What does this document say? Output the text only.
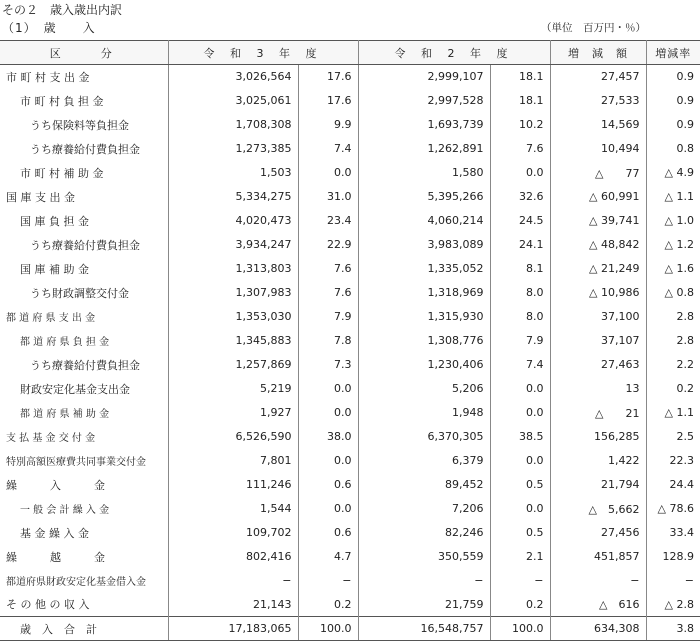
その２　歳入歳出内訳
（1）　歳　　入	（単位　百万円・％）
区　　分	令 和 3 年 度		令 和 2 年 度		増　減　額	増減率
市 町 村 支 出 金	3,026,564	17.6	2,999,107	18.1	27,457	0.9
市 町 村 負 担 金	3,025,061	17.6	2,997,528	18.1	27,533	0.9
うち保険料等負担金	1,708,308	9.9	1,693,739	10.2	14,569	0.9
うち療養給付費負担金	1,273,385	7.4	1,262,891	7.6	10,494	0.8
市 町 村 補 助 金	1,503	0.0	1,580	0.0	△　　77	△ 4.9
国 庫 支 出 金	5,334,275	31.0	5,395,266	32.6	△ 60,991	△ 1.1
国 庫 負 担 金	4,020,473	23.4	4,060,214	24.5	△ 39,741	△ 1.0
うち療養給付費負担金	3,934,247	22.9	3,983,089	24.1	△ 48,842	△ 1.2
国 庫 補 助 金	1,313,803	7.6	1,335,052	8.1	△ 21,249	△ 1.6
うち財政調整交付金	1,307,983	7.6	1,318,969	8.0	△ 10,986	△ 0.8
都 道 府 県 支 出 金	1,353,030	7.9	1,315,930	8.0	37,100	2.8
都 道 府 県 負 担 金	1,345,883	7.8	1,308,776	7.9	37,107	2.8
うち療養給付費負担金	1,257,869	7.3	1,230,406	7.4	27,463	2.2
財政安定化基金支出金	5,219	0.0	5,206	0.0	13	0.2
都 道 府 県 補 助 金	1,927	0.0	1,948	0.0	△　　21	△ 1.1
支 払 基 金 交 付 金	6,526,590	38.0	6,370,305	38.5	156,285	2.5
特別高額医療費共同事業交付金	7,801	0.0	6,379	0.0	1,422	22.3
繰　　　入　　　金	111,246	0.6	89,452	0.5	21,794	24.4
一 般 会 計 繰 入 金	1,544	0.0	7,206	0.0	△　5,662	△ 78.6
基 金 繰 入 金	109,702	0.6	82,246	0.5	27,456	33.4
繰　　　越　　　金	802,416	4.7	350,559	2.1	451,857	128.9
都道府県財政安定化基金借入金	−	−	−	−	−	−
そ の 他 の 収 入	21,143	0.2	21,759	0.2	△　616	△ 2.8
歳　入　合　計	17,183,065	100.0	16,548,757	100.0	634,308	3.8
